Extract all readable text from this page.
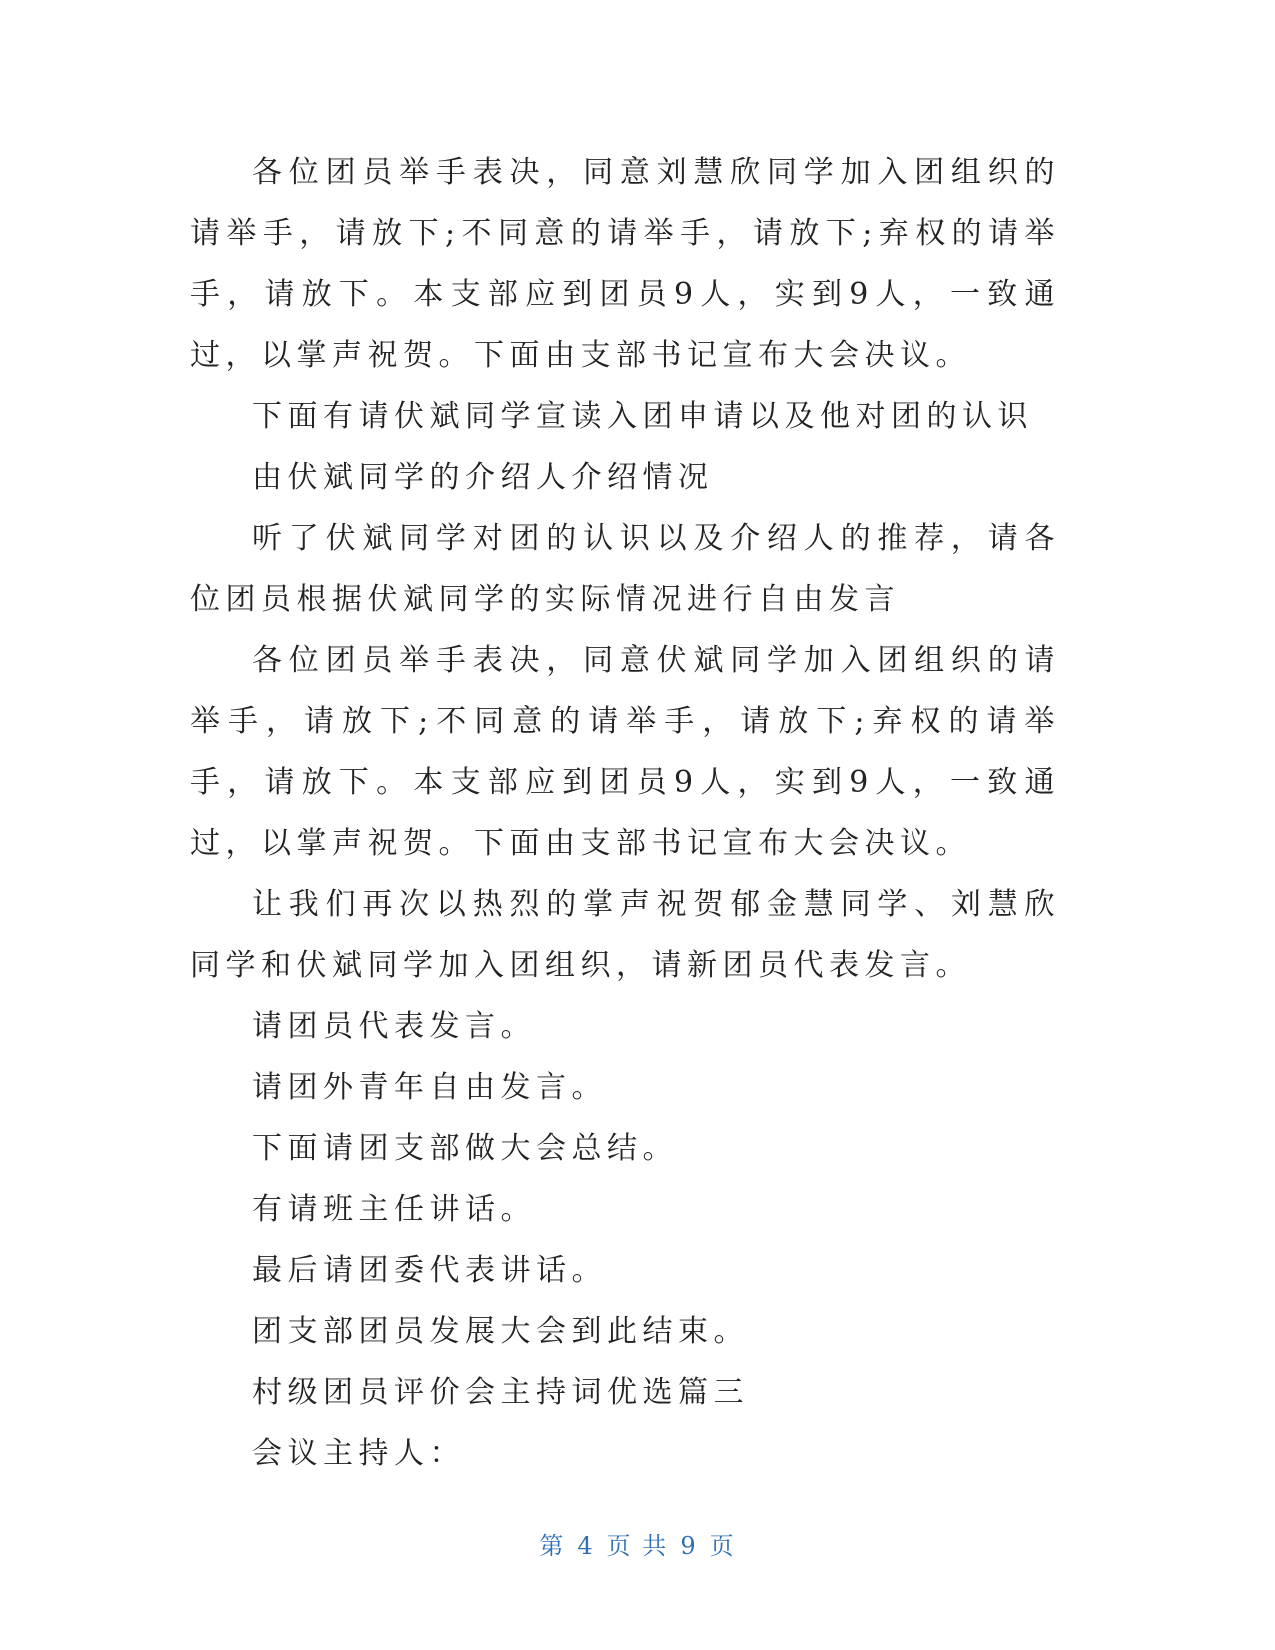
各位团员举手表决，同意刘慧欣同学加入团组织的请举手，请放下;不同意的请举手，请放下;弃权的请举手，请放下。本支部应到团员9人，实到9人，一致通过，以掌声祝贺。下面由支部书记宣布大会决议。

下面有请伏斌同学宣读入团申请以及他对团的认识

由伏斌同学的介绍人介绍情况

听了伏斌同学对团的认识以及介绍人的推荐，请各位团员根据伏斌同学的实际情况进行自由发言

各位团员举手表决，同意伏斌同学加入团组织的请举手，请放下;不同意的请举手，请放下;弃权的请举手，请放下。本支部应到团员9人，实到9人，一致通过，以掌声祝贺。下面由支部书记宣布大会决议。

让我们再次以热烈的掌声祝贺郁金慧同学、刘慧欣同学和伏斌同学加入团组织，请新团员代表发言。

请团员代表发言。

请团外青年自由发言。

下面请团支部做大会总结。

有请班主任讲话。

最后请团委代表讲话。

团支部团员发展大会到此结束。

村级团员评价会主持词优选篇三

会议主持人：

第 4 页 共 9 页
